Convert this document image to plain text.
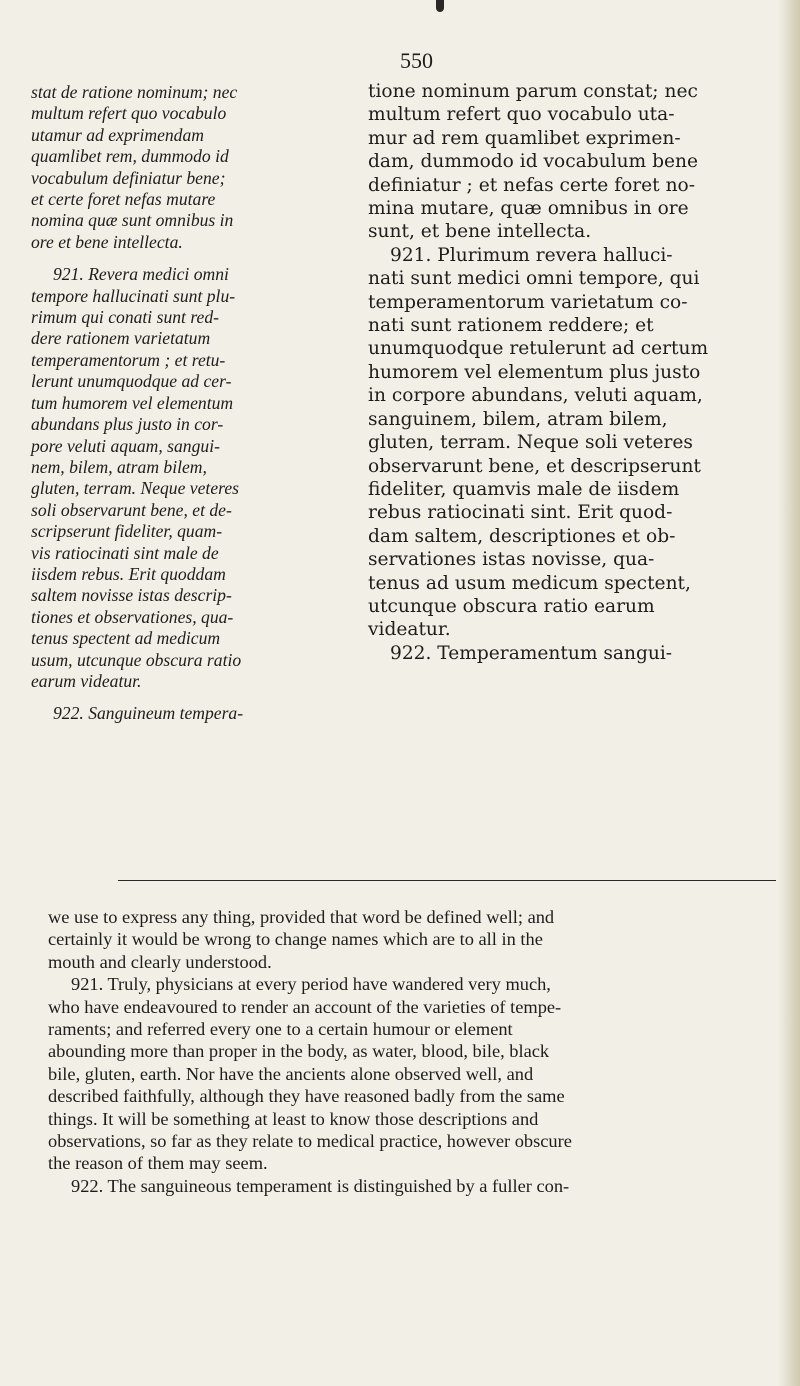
550

stat de ratione nominum; nec

multum refert quo vocabulo

utamur ad exprimendam

quamlibet rem, dummodo id

vocabulum definiatur bene;

et certe foret nefas mutare

nomina quæ sunt omnibus in

ore et bene intellecta.

921. Revera medici omni

tempore hallucinati sunt plu-

rimum qui conati sunt red-

dere rationem varietatum

temperamentorum ; et retu-

lerunt unumquodque ad cer-

tum humorem vel elementum

abundans plus justo in cor-

pore veluti aquam, sangui-

nem, bilem, atram bilem,

gluten, terram. Neque veteres

soli observarunt bene, et de-

scripserunt fideliter, quam-

vis ratiocinati sint male de

iisdem rebus. Erit quoddam

saltem novisse istas descrip-

tiones et observationes, qua-

tenus spectent ad medicum

usum, utcunque obscura ratio

earum videatur.

922. Sanguineum tempera-

tione nominum parum constat; nec

multum refert quo vocabulo uta-

mur ad rem quamlibet exprimen-

dam, dummodo id vocabulum bene

definiatur ; et nefas certe foret no-

mina mutare, quæ omnibus in ore

sunt, et bene intellecta.

921. Plurimum revera halluci-

nati sunt medici omni tempore, qui

temperamentorum varietatum co-

nati sunt rationem reddere; et

unumquodque retulerunt ad certum

humorem vel elementum plus justo

in corpore abundans, veluti aquam,

sanguinem, bilem, atram bilem,

gluten, terram. Neque soli veteres

observarunt bene, et descripserunt

fideliter, quamvis male de iisdem

rebus ratiocinati sint. Erit quod-

dam saltem, descriptiones et ob-

servationes istas novisse, qua-

tenus ad usum medicum spectent,

utcunque obscura ratio earum

videatur.

922. Temperamentum sangui-

we use to express any thing, provided that word be defined well; and

certainly it would be wrong to change names which are to all in the

mouth and clearly understood.

921. Truly, physicians at every period have wandered very much,

who have endeavoured to render an account of the varieties of tempe-

raments; and referred every one to a certain humour or element

abounding more than proper in the body, as water, blood, bile, black

bile, gluten, earth. Nor have the ancients alone observed well, and

described faithfully, although they have reasoned badly from the same

things. It will be something at least to know those descriptions and

observations, so far as they relate to medical practice, however obscure

the reason of them may seem.

922. The sanguineous temperament is distinguished by a fuller con-
